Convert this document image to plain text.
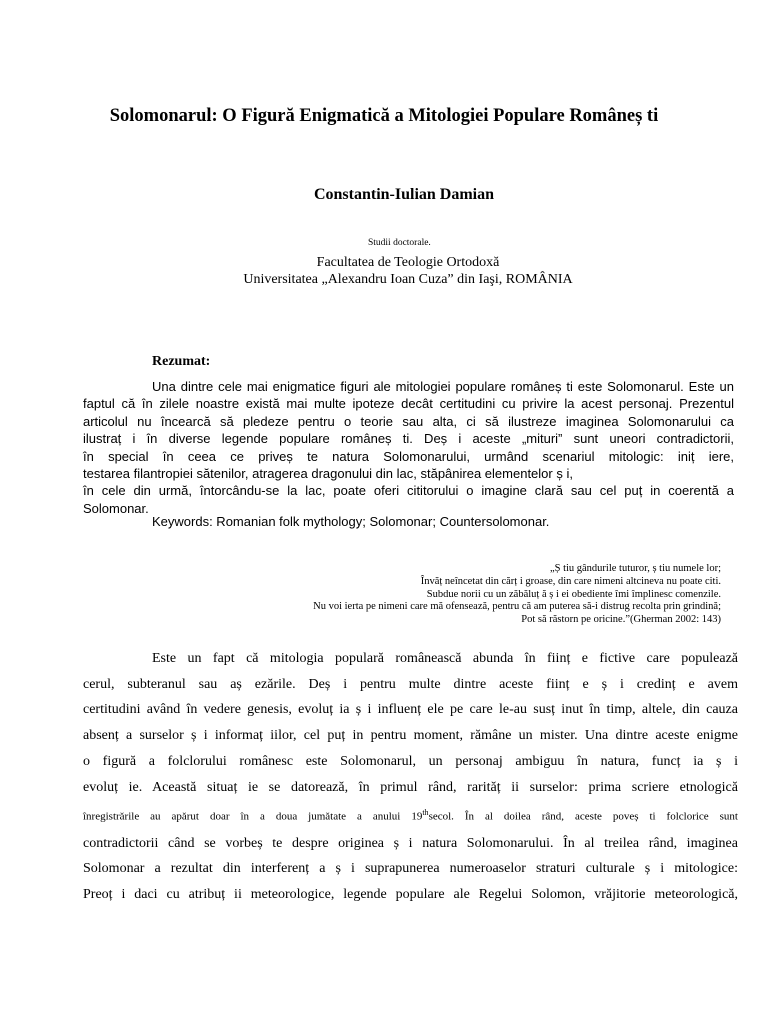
Solomonarul: O Figură Enigmatică a Mitologiei Populare Româneș ti
Constantin-Iulian Damian
Studii doctorale.
Facultatea de Teologie Ortodoxă
Universitatea „Alexandru Ioan Cuza” din Iaşi, ROMÂNIA
Rezumat:
Una dintre cele mai enigmatice figuri ale mitologiei populare româneș ti este Solomonarul. Este un
faptul că în zilele noastre există mai multe ipoteze decât certitudini cu privire la acest personaj. Prezentul
articolul nu încearcă să pledeze pentru o teorie sau alta, ci să ilustreze imaginea Solomonarului ca
ilustraț i în diverse legende populare româneș ti. Deș i aceste „mituri” sunt uneori contradictorii,
în special în ceea ce priveș te natura Solomonarului, urmând scenariul mitologic: iniț iere,
testarea filantropiei sătenilor, atragerea dragonului din lac, stăpânirea elementelor ș i,
în cele din urmă, întorcându-se la lac, poate oferi cititorului o imagine clară sau cel puț in coerentă a
Solomonar.
Keywords: Romanian folk mythology; Solomonar; Countersolomonar.
„Ș tiu gândurile tuturor, ș tiu numele lor;
Învăț neîncetat din cărț i groase, din care nimeni altcineva nu poate citi.
Subdue norii cu un zăbăluț ă ș i ei obediente îmi împlinesc comenzile.
Nu voi ierta pe nimeni care mă ofensează, pentru că am puterea să-i distrug recolta prin grindină;
Pot să răstorn pe oricine.”(Gherman 2002: 143)
Este un fapt că mitologia populară românească abunda în ființ e fictive care populează
cerul, subteranul sau aș ezările. Deș i pentru multe dintre aceste ființ e ș i credinț e avem
certitudini având în vedere genesis, evoluț ia ș i influenț ele pe care le-au susț inut în timp, altele, din cauza
absenț a surselor ș i informaț iilor, cel puț in pentru moment, rămâne un mister. Una dintre aceste enigme
o figură a folclorului românesc este Solomonarul, un personaj ambiguu în natura, funcț ia ș i
evoluț ie. Această situaț ie se datorează, în primul rând, rarităț ii surselor: prima scriere etnologică
înregistrările au apărut doar în a doua jumătate a anului 19thsecol. În al doilea rând, aceste poveș ti folclorice sunt
contradictorii când se vorbeș te despre originea ș i natura Solomonarului. În al treilea rând, imaginea
Solomonar a rezultat din interferenț a ș i suprapunerea numeroaselor straturi culturale ș i mitologice:
Preoț i daci cu atribuț ii meteorologice, legende populare ale Regelui Solomon, vrăjitorie meteorologică,
